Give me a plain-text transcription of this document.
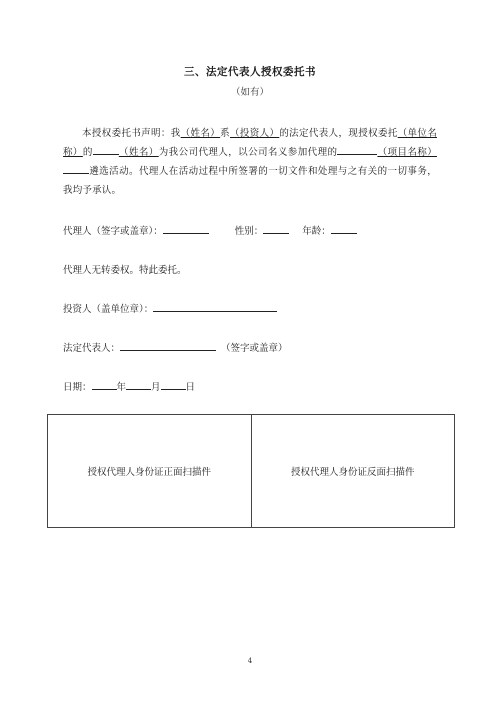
三、法定代表人授权委托书
（如有）
本授权委托书声明：我（姓名）系（投资人）的法定代表人，现授权委托（单位名称）的	（姓名）为我公司代理人，以公司名义参加代理的	（项目名称）遴选活动。代理人在活动过程中所签署的一切文件和处理与之有关的一切事务，我均予承认。
代理人（签字或盖章）：	性别：	年龄：
代理人无转委权。特此委托。
投资人（盖单位章）：
法定代表人：	（签字或盖章）
日期：	年	月	日
授权代理人身份证正面扫描件	授权代理人身份证反面扫描件
4
